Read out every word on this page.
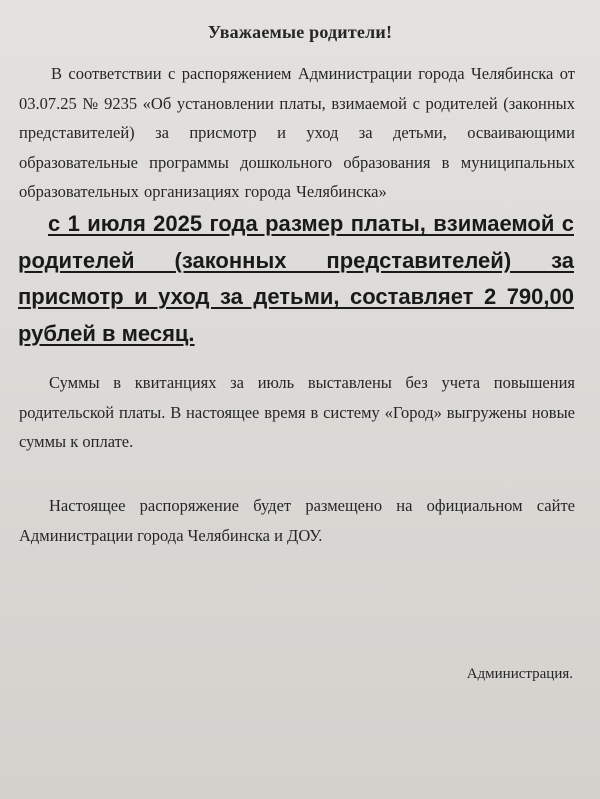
Уважаемые родители!
В соответствии с распоряжением Администрации города Челябинска от 03.07.25 № 9235 «Об установлении платы, взимаемой с родителей (законных представителей) за присмотр и уход за детьми, осваивающими образовательные программы дошкольного образования в муниципальных образовательных организациях города Челябинска»
с 1 июля 2025 года размер платы, взимаемой с родителей (законных представителей) за присмотр и уход за детьми, составляет 2 790,00 рублей в месяц.
Суммы в квитанциях за июль выставлены без учета повышения родительской платы. В настоящее время в систему «Город» выгружены новые суммы к оплате.
Настоящее распоряжение будет размещено на официальном сайте Администрации города Челябинска и ДОУ.
Администрация.
